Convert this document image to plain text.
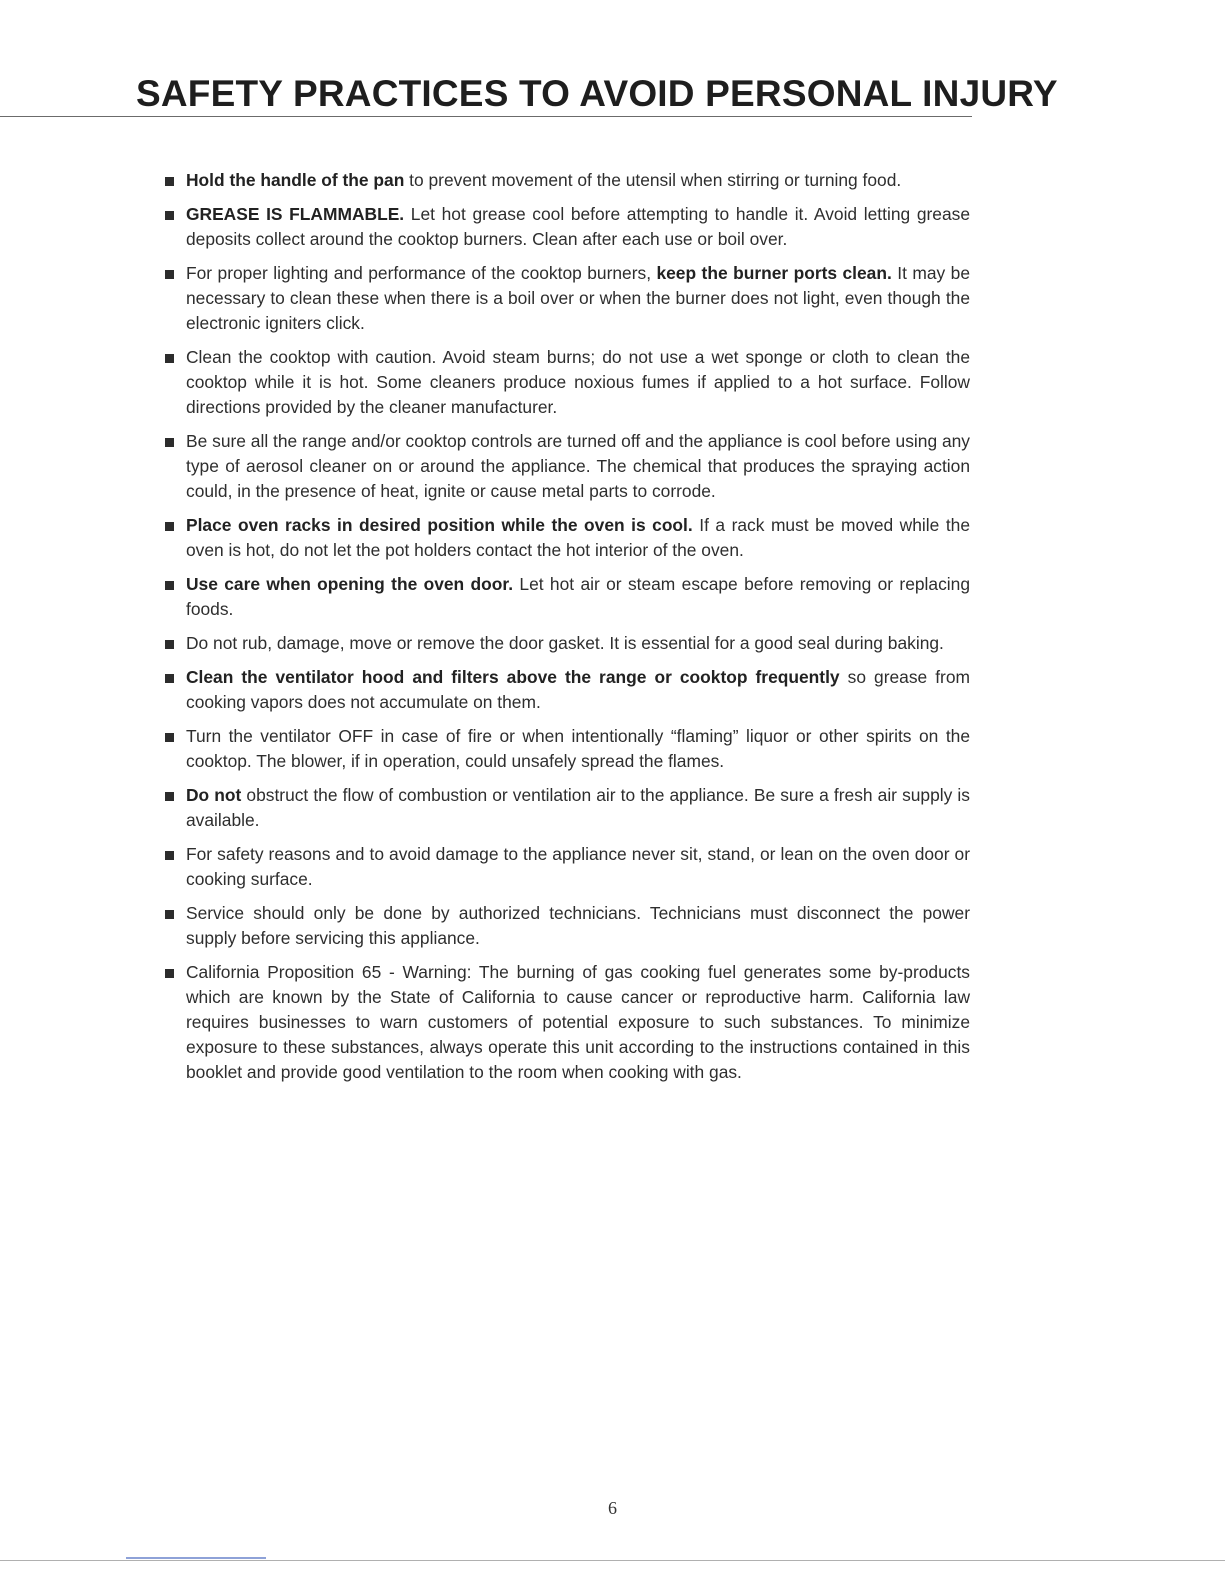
SAFETY PRACTICES TO AVOID PERSONAL INJURY
Hold the handle of the pan to prevent movement of the utensil when stirring or turning food.
GREASE IS FLAMMABLE. Let hot grease cool before attempting to handle it. Avoid letting grease deposits collect around the cooktop burners. Clean after each use or boil over.
For proper lighting and performance of the cooktop burners, keep the burner ports clean. It may be necessary to clean these when there is a boil over or when the burner does not light, even though the electronic igniters click.
Clean the cooktop with caution. Avoid steam burns; do not use a wet sponge or cloth to clean the cooktop while it is hot. Some cleaners produce noxious fumes if applied to a hot surface. Follow directions provided by the cleaner manufacturer.
Be sure all the range and/or cooktop controls are turned off and the appliance is cool before using any type of aerosol cleaner on or around the appliance. The chemical that produces the spraying action could, in the presence of heat, ignite or cause metal parts to corrode.
Place oven racks in desired position while the oven is cool. If a rack must be moved while the oven is hot, do not let the pot holders contact the hot interior of the oven.
Use care when opening the oven door. Let hot air or steam escape before removing or replacing foods.
Do not rub, damage, move or remove the door gasket. It is essential for a good seal during baking.
Clean the ventilator hood and filters above the range or cooktop frequently so grease from cooking vapors does not accumulate on them.
Turn the ventilator OFF in case of fire or when intentionally “flaming” liquor or other spirits on the cooktop. The blower, if in operation, could unsafely spread the flames.
Do not obstruct the flow of combustion or ventilation air to the appliance. Be sure a fresh air supply is available.
For safety reasons and to avoid damage to the appliance never sit, stand, or lean on the oven door or cooking surface.
Service should only be done by authorized technicians. Technicians must disconnect the power supply before servicing this appliance.
California Proposition 65 - Warning: The burning of gas cooking fuel generates some by-products which are known by the State of California to cause cancer or reproductive harm. California law requires businesses to warn customers of potential exposure to such substances. To minimize exposure to these substances, always operate this unit according to the instructions contained in this booklet and provide good ventilation to the room when cooking with gas.
6
